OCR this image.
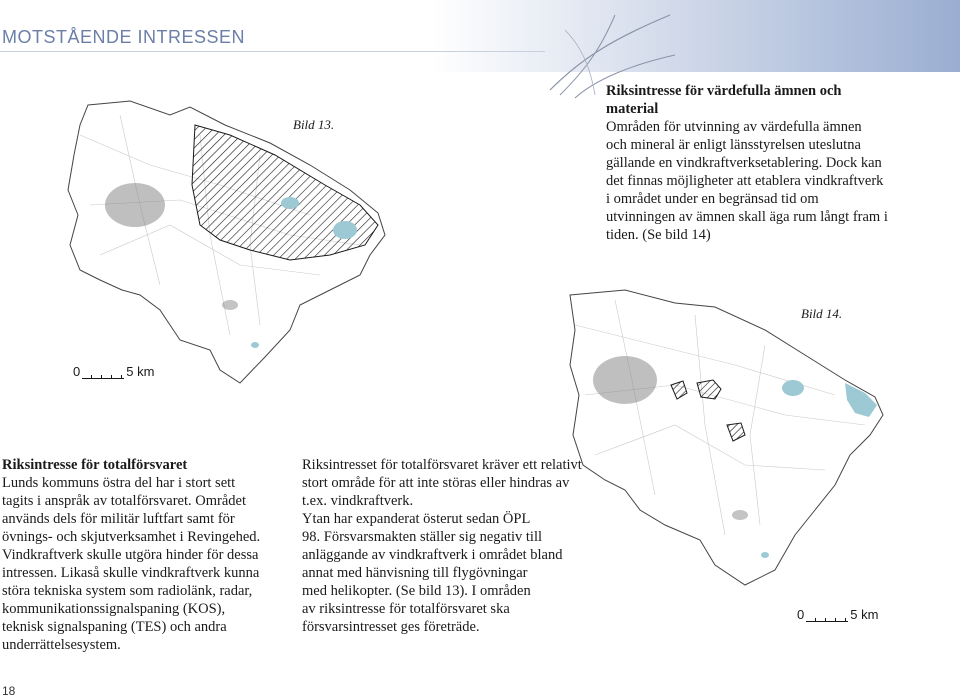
MOTSTÅENDE INTRESSEN
Bild 13.
0	5 km

Riksintresse för värdefulla ämnen och

material

Områden för utvinning av värdefulla ämnen

och mineral är enligt länsstyrelsen uteslutna

gällande en vindkraftverksetablering. Dock kan

det finnas möjligheter att etablera vindkraftverk

i området under en begränsad tid om

utvinningen av ämnen skall äga rum långt fram i

tiden. (Se bild 14)

Bild 14.
0	5 km

Riksintresse för totalförsvaret

Lunds kommuns östra del har i stort sett

tagits i anspråk av totalförsvaret. Området

används dels för militär luftfart samt för

övnings- och skjutverksamhet i Revingehed.

Vindkraftverk skulle utgöra hinder för dessa

intressen. Likaså skulle vindkraftverk kunna

störa tekniska system som radiolänk, radar,

kommunikationssignalspaning (KOS),

teknisk signalspaning (TES) och andra

underrättelsesystem.

Riksintresset för totalförsvaret kräver ett relativt

stort område för att inte störas eller hindras av

t.ex. vindkraftverk.

Ytan har expanderat österut sedan ÖPL

98. Försvarsmakten ställer sig negativ till

anläggande av vindkraftverk i området bland

annat med hänvisning till flygövningar

med helikopter. (Se bild 13). I områden

av riksintresse för totalförsvaret ska

försvarsintresset ges företräde.

18
